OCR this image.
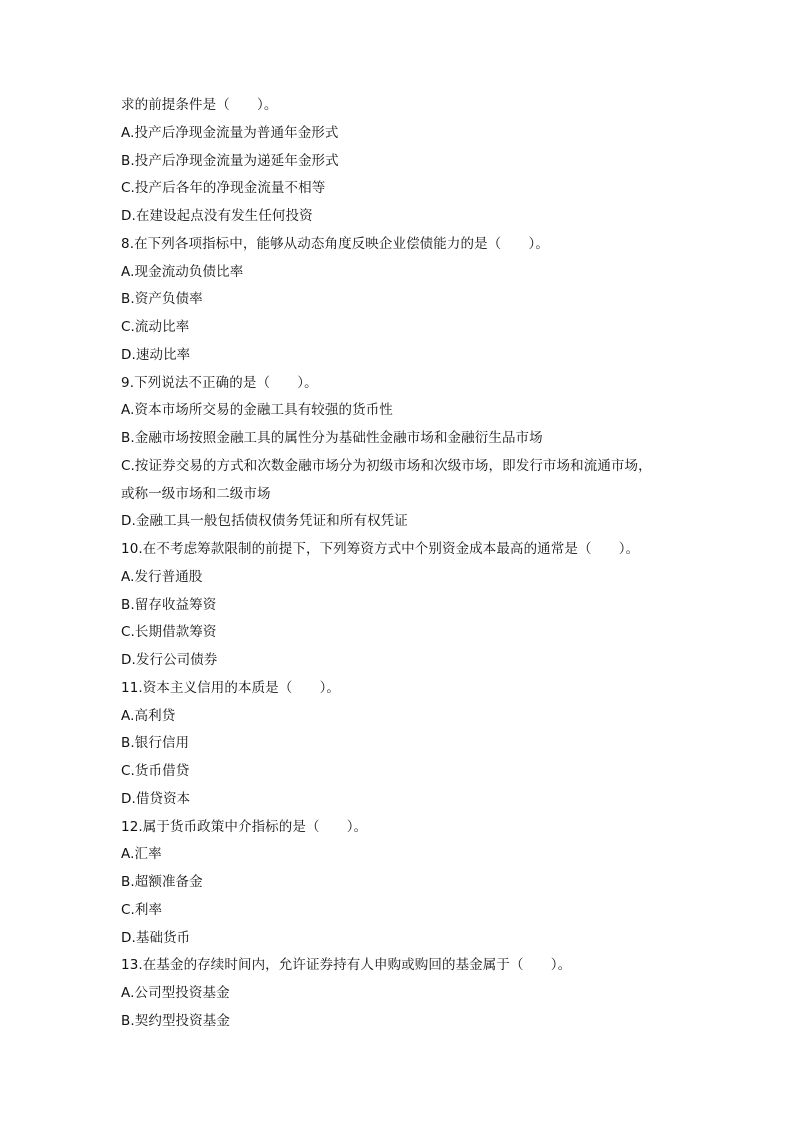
求的前提条件是（　　）。
A.投产后净现金流量为普通年金形式
B.投产后净现金流量为递延年金形式
C.投产后各年的净现金流量不相等
D.在建设起点没有发生任何投资
8.在下列各项指标中，能够从动态角度反映企业偿债能力的是（　　）。
A.现金流动负债比率
B.资产负债率
C.流动比率
D.速动比率
9.下列说法不正确的是（　　）。
A.资本市场所交易的金融工具有较强的货币性
B.金融市场按照金融工具的属性分为基础性金融市场和金融衍生品市场
C.按证券交易的方式和次数金融市场分为初级市场和次级市场，即发行市场和流通市场，
或称一级市场和二级市场
D.金融工具一般包括债权债务凭证和所有权凭证
10.在不考虑筹款限制的前提下，下列筹资方式中个别资金成本最高的通常是（　　）。
A.发行普通股
B.留存收益筹资
C.长期借款筹资
D.发行公司债券
11.资本主义信用的本质是（　　）。
A.高利贷
B.银行信用
C.货币借贷
D.借贷资本
12.属于货币政策中介指标的是（　　）。
A.汇率
B.超额准备金
C.利率
D.基础货币
13.在基金的存续时间内，允许证券持有人申购或购回的基金属于（　　）。
A.公司型投资基金
B.契约型投资基金
